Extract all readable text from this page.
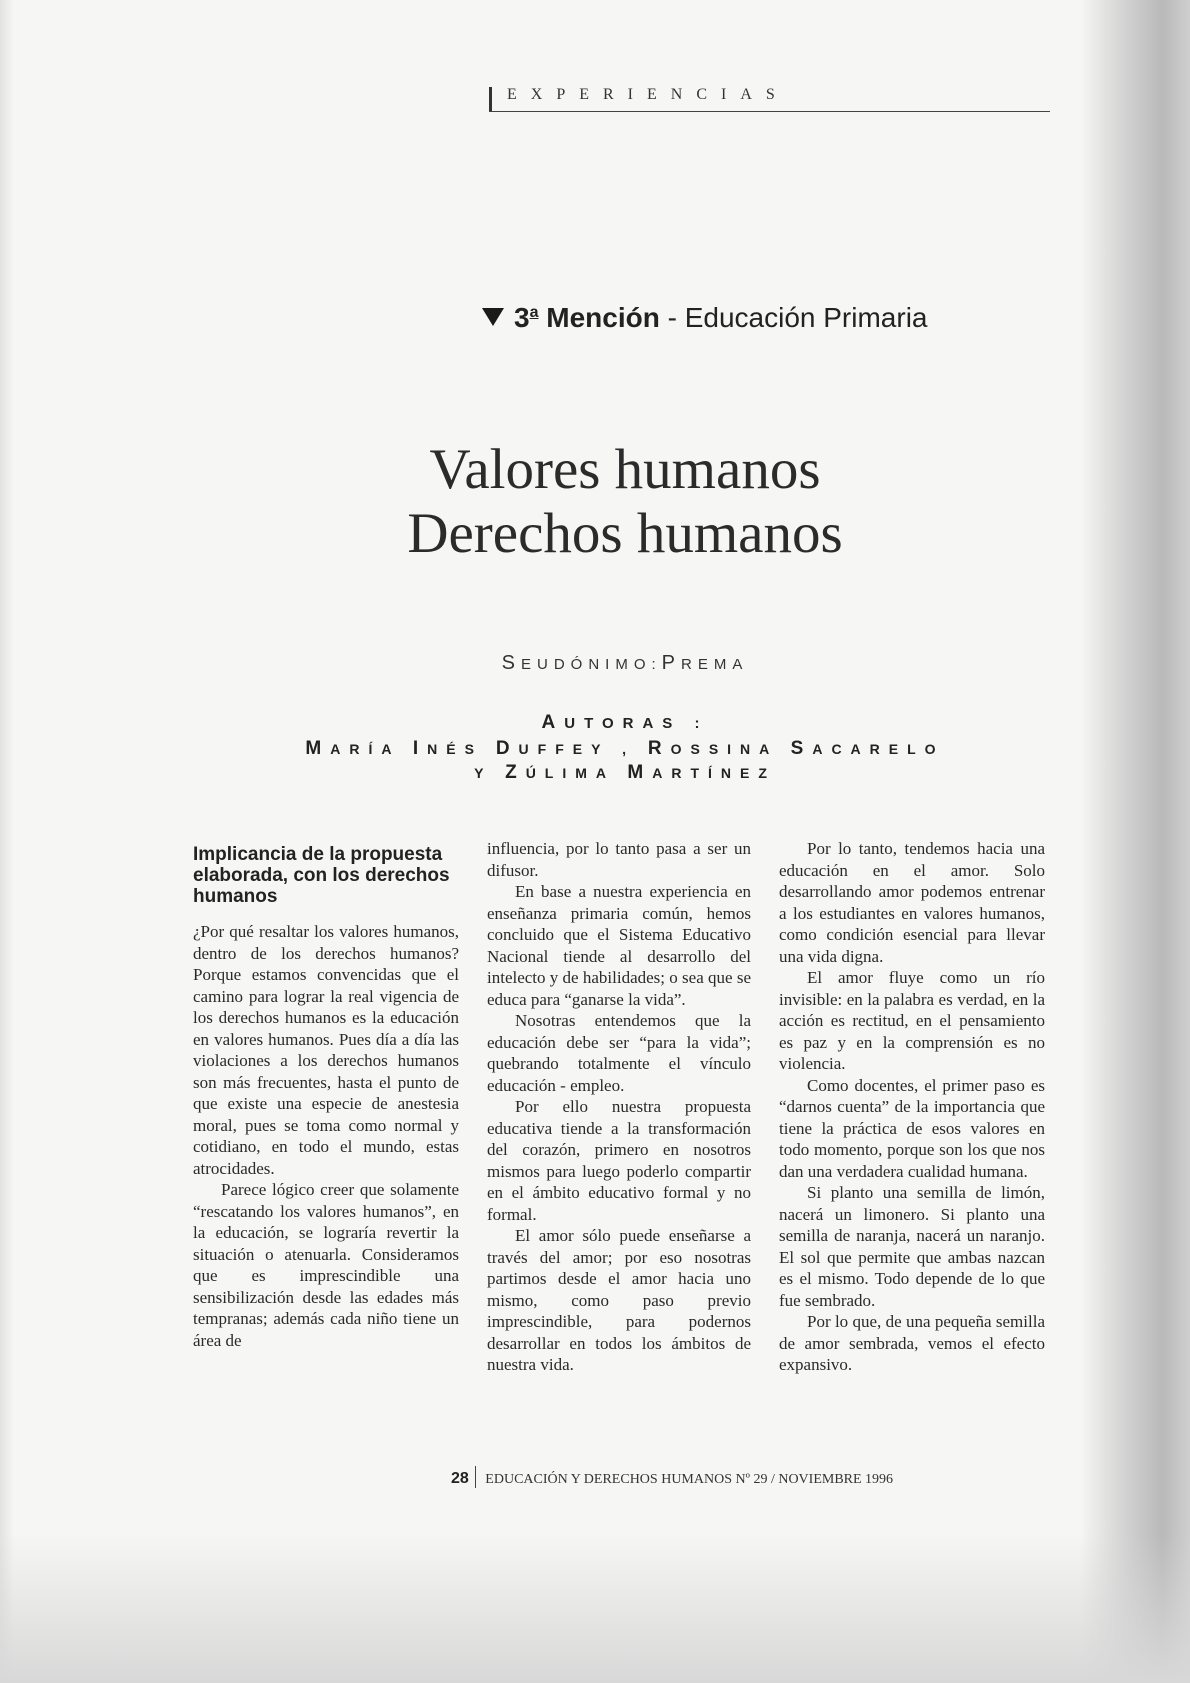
EXPERIENCIAS
3$^a$ Mención - Educación Primaria
Valores humanos
Derechos humanos
SEUDÓNIMO:PREMA
AUTORAS :
MARÍA INÉS DUFFEY , ROSSINA SACARELO
Y ZÚLIMA MARTÍNEZ
Implicancia de la propuesta elaborada, con los derechos humanos

¿Por qué resaltar los valores humanos, dentro de los derechos humanos? Porque estamos convencidas que el camino para lograr la real vigencia de los derechos humanos es la educación en valores humanos. Pues día a día las violaciones a los derechos humanos son más frecuentes, hasta el punto de que existe una especie de anestesia moral, pues se toma como normal y cotidiano, en todo el mundo, estas atrocidades.

Parece lógico creer que solamente “rescatando los valores humanos”, en la educación, se lograría revertir la situación o atenuarla. Consideramos que es imprescindible una sensibilización desde las edades más tempranas; además cada niño tiene un área de

influencia, por lo tanto pasa a ser un difusor.

En base a nuestra experiencia en enseñanza primaria común, hemos concluido que el Sistema Educativo Nacional tiende al desarrollo del intelecto y de habilidades; o sea que se educa para “ganarse la vida”.

Nosotras entendemos que la educación debe ser “para la vida”; quebrando totalmente el vínculo educación - empleo.

Por ello nuestra propuesta educativa tiende a la transformación del corazón, primero en nosotros mismos para luego poderlo compartir en el ámbito educativo formal y no formal.

El amor sólo puede enseñarse a través del amor; por eso nosotras partimos desde el amor hacia uno mismo, como paso previo imprescindible, para podernos desarrollar en todos los ámbitos de nuestra vida.

Por lo tanto, tendemos hacia una educación en el amor. Solo desarrollando amor podemos entrenar a los estudiantes en valores humanos, como condición esencial para llevar una vida digna.

El amor fluye como un río invisible: en la palabra es verdad, en la acción es rectitud, en el pensamiento es paz y en la comprensión es no violencia.

Como docentes, el primer paso es “darnos cuenta” de la importancia que tiene la práctica de esos valores en todo momento, porque son los que nos dan una verdadera cualidad humana.

Si planto una semilla de limón, nacerá un limonero. Si planto una semilla de naranja, nacerá un naranjo. El sol que permite que ambas nazcan es el mismo. Todo depende de lo que fue sembrado.

Por lo que, de una pequeña semilla de amor sembrada, vemos el efecto expansivo.

28 EDUCACIÓN Y DERECHOS HUMANOS Nº 29 / NOVIEMBRE 1996
